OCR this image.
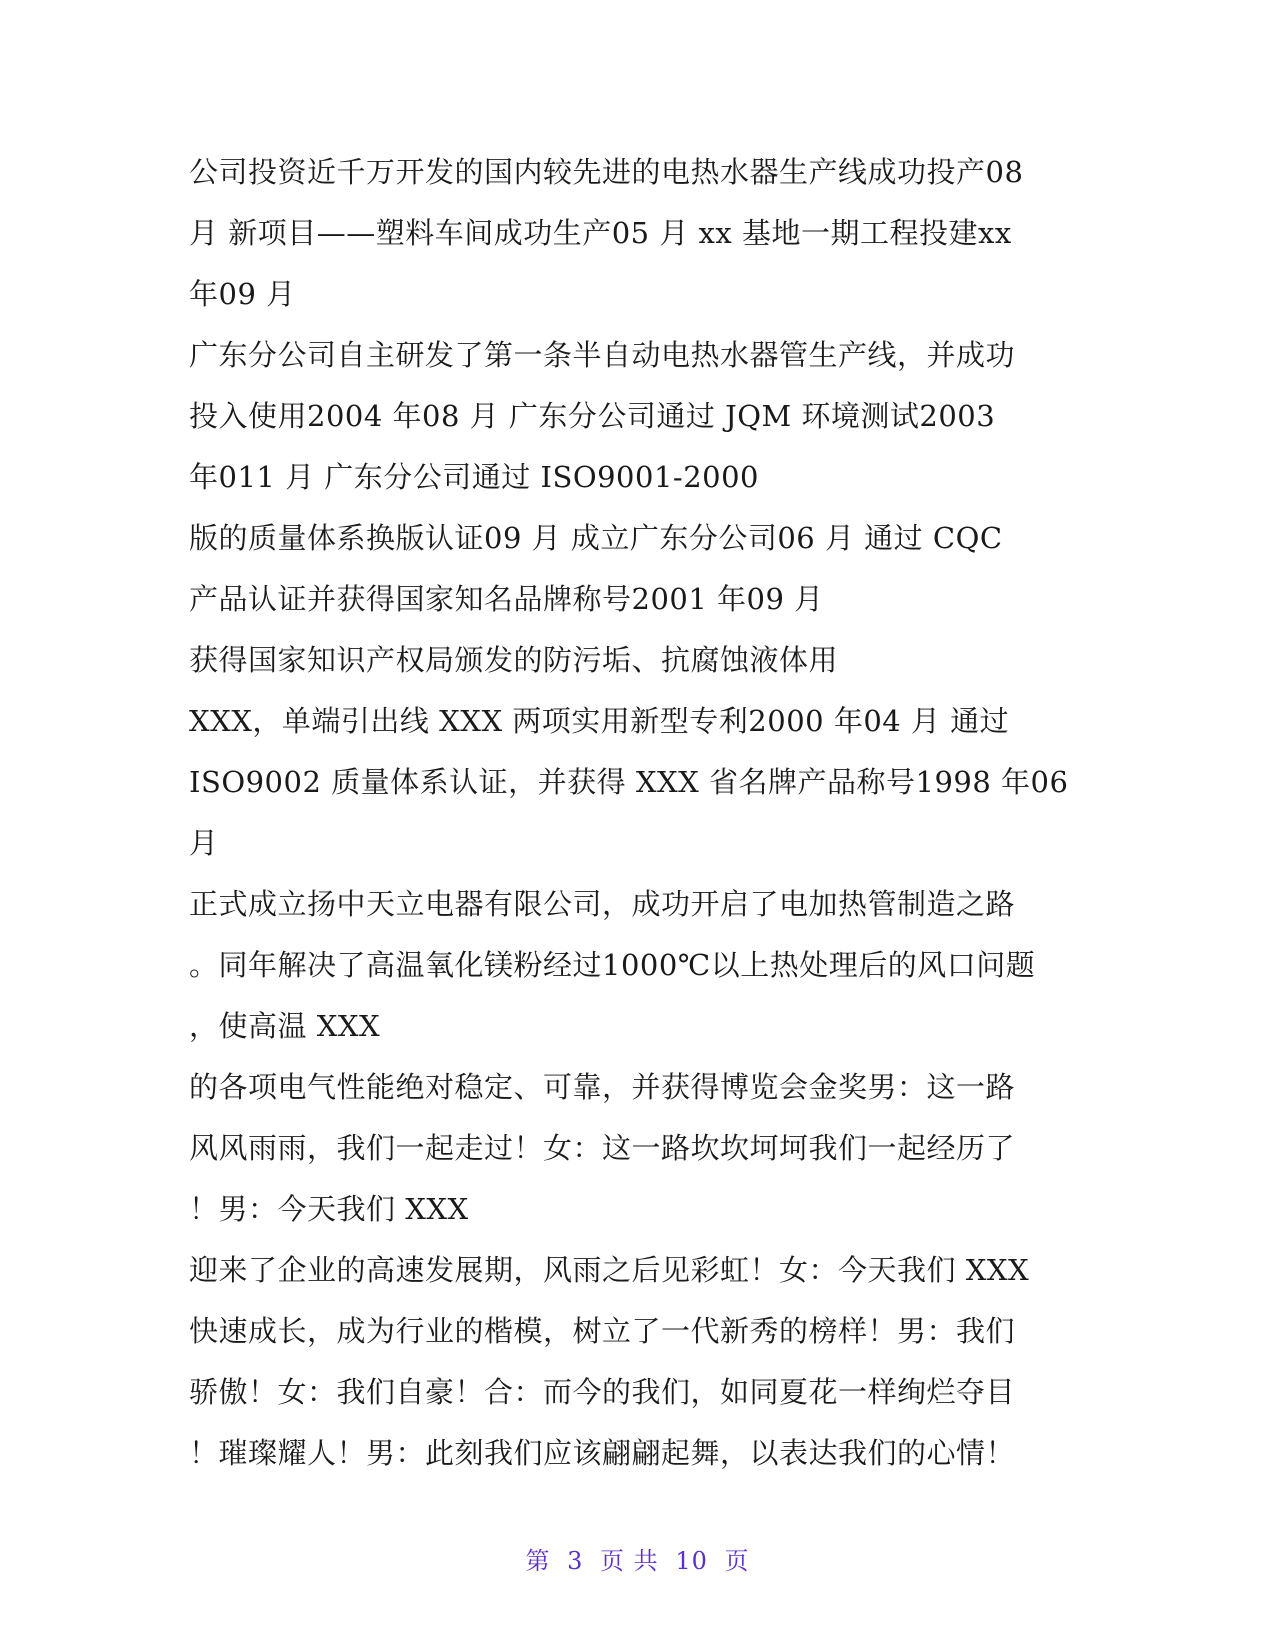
公司投资近千万开发的国内较先进的电热水器生产线成功投产08
月 新项目——塑料车间成功生产05 月 xx 基地一期工程投建xx
年09 月
广东分公司自主研发了第一条半自动电热水器管生产线，并成功
投入使用2004 年08 月 广东分公司通过 JQM 环境测试2003
年011 月 广东分公司通过 ISO9001-2000
版的质量体系换版认证09 月 成立广东分公司06 月 通过 CQC
产品认证并获得国家知名品牌称号2001 年09 月
获得国家知识产权局颁发的防污垢、抗腐蚀液体用
XXX，单端引出线 XXX 两项实用新型专利2000 年04 月 通过
ISO9002 质量体系认证，并获得 XXX 省名牌产品称号1998 年06
月
正式成立扬中天立电器有限公司，成功开启了电加热管制造之路
。同年解决了高温氧化镁粉经过1000℃以上热处理后的风口问题
，使高温 XXX
的各项电气性能绝对稳定、可靠，并获得博览会金奖男：这一路
风风雨雨，我们一起走过！女：这一路坎坎坷坷我们一起经历了
！男：今天我们 XXX
迎来了企业的高速发展期，风雨之后见彩虹！女：今天我们 XXX
快速成长，成为行业的楷模，树立了一代新秀的榜样！男：我们
骄傲！女：我们自豪！合：而今的我们，如同夏花一样绚烂夺目
！璀璨耀人！男：此刻我们应该翩翩起舞，以表达我们的心情！
第 3 页 共 10 页
